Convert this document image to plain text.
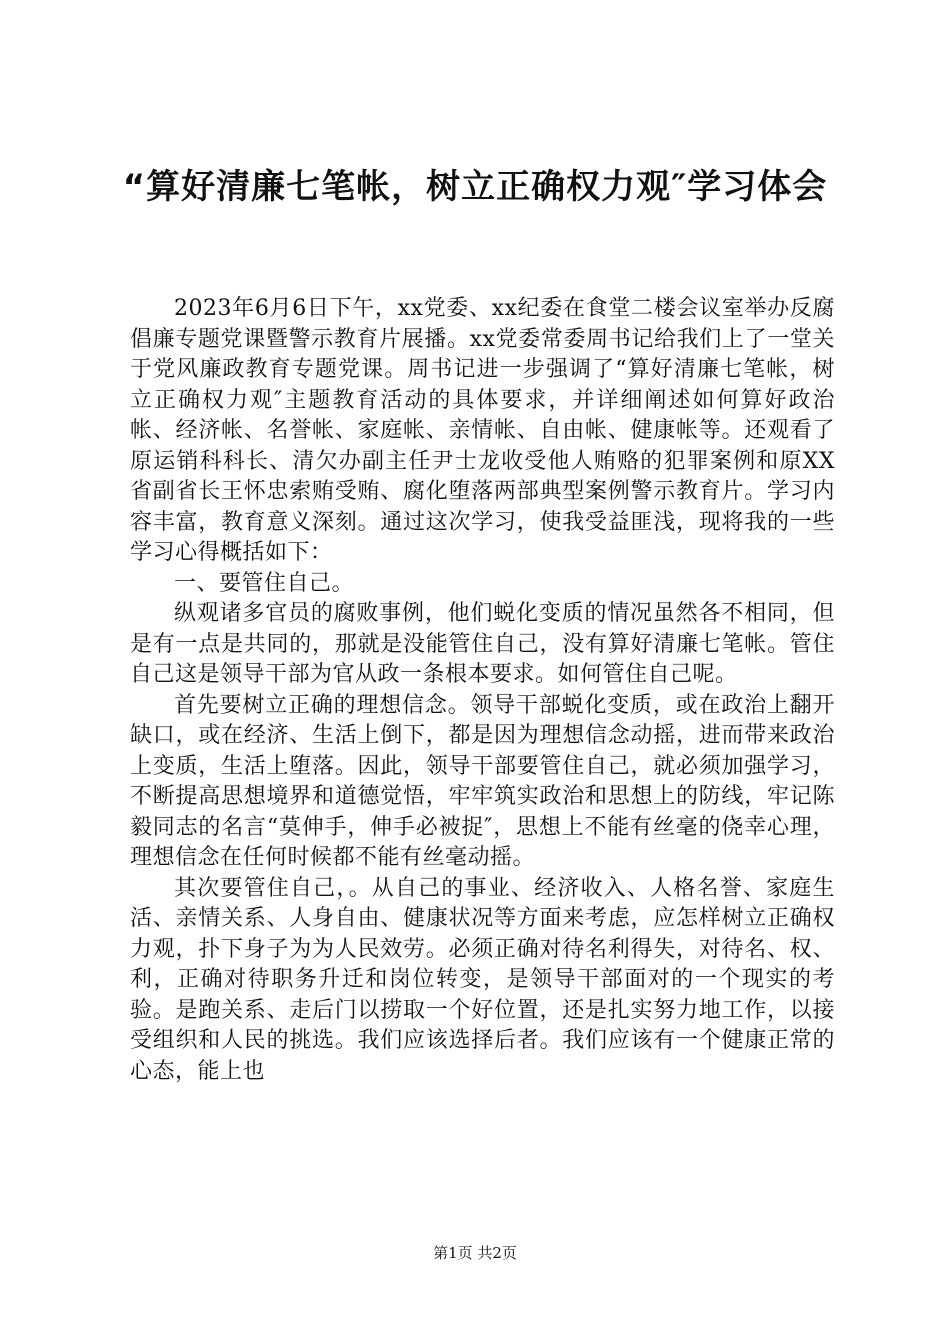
“算好清廉七笔帐，树立正确权力观″学习体会

2023年6月6日下午，xx党委、xx纪委在食堂二楼会议室举办反腐倡廉专题党课暨警示教育片展播。xx党委常委周书记给我们上了一堂关于党风廉政教育专题党课。周书记进一步强调了“算好清廉七笔帐，树立正确权力观″主题教育活动的具体要求，并详细阐述如何算好政治帐、经济帐、名誉帐、家庭帐、亲情帐、自由帐、健康帐等。还观看了原运销科科长、清欠办副主任尹士龙收受他人贿赂的犯罪案例和原XX省副省长王怀忠索贿受贿、腐化堕落两部典型案例警示教育片。学习内容丰富，教育意义深刻。通过这次学习，使我受益匪浅，现将我的一些学习心得概括如下：

一、要管住自己。

纵观诸多官员的腐败事例，他们蜕化变质的情况虽然各不相同，但是有一点是共同的，那就是没能管住自己，没有算好清廉七笔帐。管住自己这是领导干部为官从政一条根本要求。如何管住自己呢。

首先要树立正确的理想信念。领导干部蜕化变质，或在政治上翻开缺口，或在经济、生活上倒下，都是因为理想信念动摇，进而带来政治上变质，生活上堕落。因此，领导干部要管住自己，就必须加强学习，不断提高思想境界和道德觉悟，牢牢筑实政治和思想上的防线，牢记陈毅同志的名言“莫伸手，伸手必被捉″，思想上不能有丝毫的侥幸心理，理想信念在任何时候都不能有丝毫动摇。

其次要管住自己，。从自己的事业、经济收入、人格名誉、家庭生活、亲情关系、人身自由、健康状况等方面来考虑，应怎样树立正确权力观，扑下身子为为人民效劳。必须正确对待名利得失，对待名、权、利，正确对待职务升迁和岗位转变，是领导干部面对的一个现实的考验。是跑关系、走后门以捞取一个好位置，还是扎实努力地工作，以接受组织和人民的挑选。我们应该选择后者。我们应该有一个健康正常的心态，能上也

第1页 共2页
